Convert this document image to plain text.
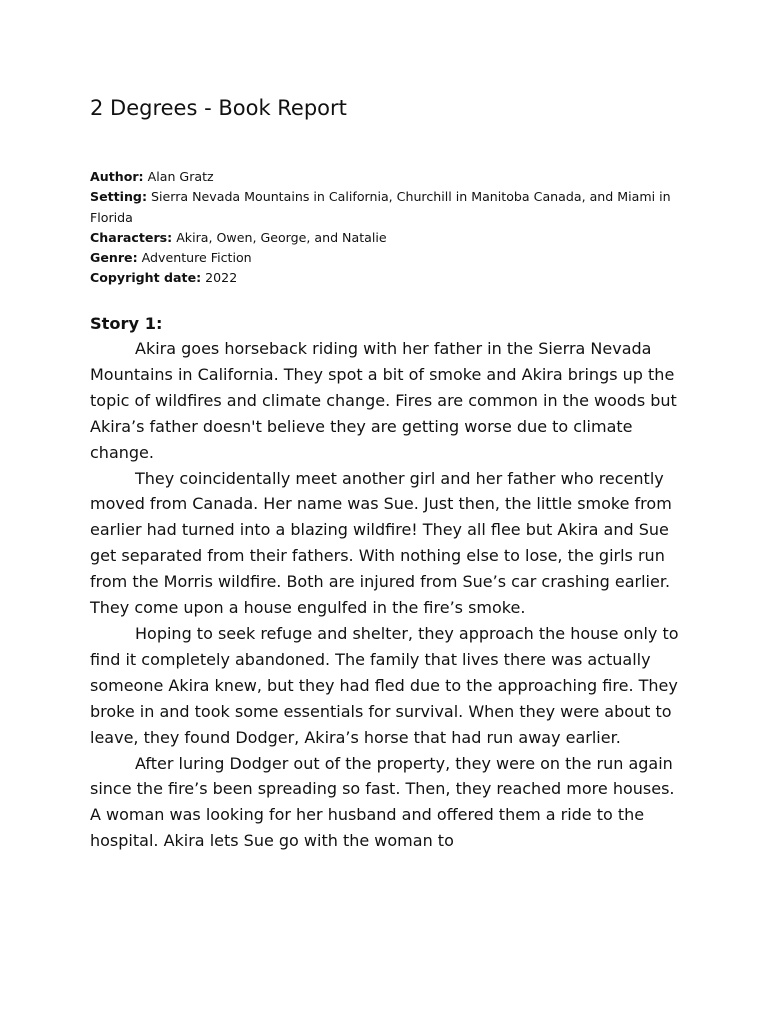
2 Degrees - Book Report

Author: Alan Gratz

Setting: Sierra Nevada Mountains in California, Churchill in Manitoba Canada, and Miami in Florida

Characters: Akira, Owen, George, and Natalie

Genre: Adventure Fiction

Copyright date: 2022

Story 1:

Akira goes horseback riding with her father in the Sierra Nevada Mountains in California. They spot a bit of smoke and Akira brings up the topic of wildfires and climate change. Fires are common in the woods but Akira’s father doesn't believe they are getting worse due to climate change.

They coincidentally meet another girl and her father who recently moved from Canada. Her name was Sue. Just then, the little smoke from earlier had turned into a blazing wildfire! They all flee but Akira and Sue get separated from their fathers. With nothing else to lose, the girls run from the Morris wildfire. Both are injured from Sue’s car crashing earlier. They come upon a house engulfed in the fire’s smoke.

Hoping to seek refuge and shelter, they approach the house only to find it completely abandoned. The family that lives there was actually someone Akira knew, but they had fled due to the approaching fire. They broke in and took some essentials for survival. When they were about to leave, they found Dodger, Akira’s horse that had run away earlier.

After luring Dodger out of the property, they were on the run again since the fire’s been spreading so fast. Then, they reached more houses. A woman was looking for her husband and offered them a ride to the hospital. Akira lets Sue go with the woman to
